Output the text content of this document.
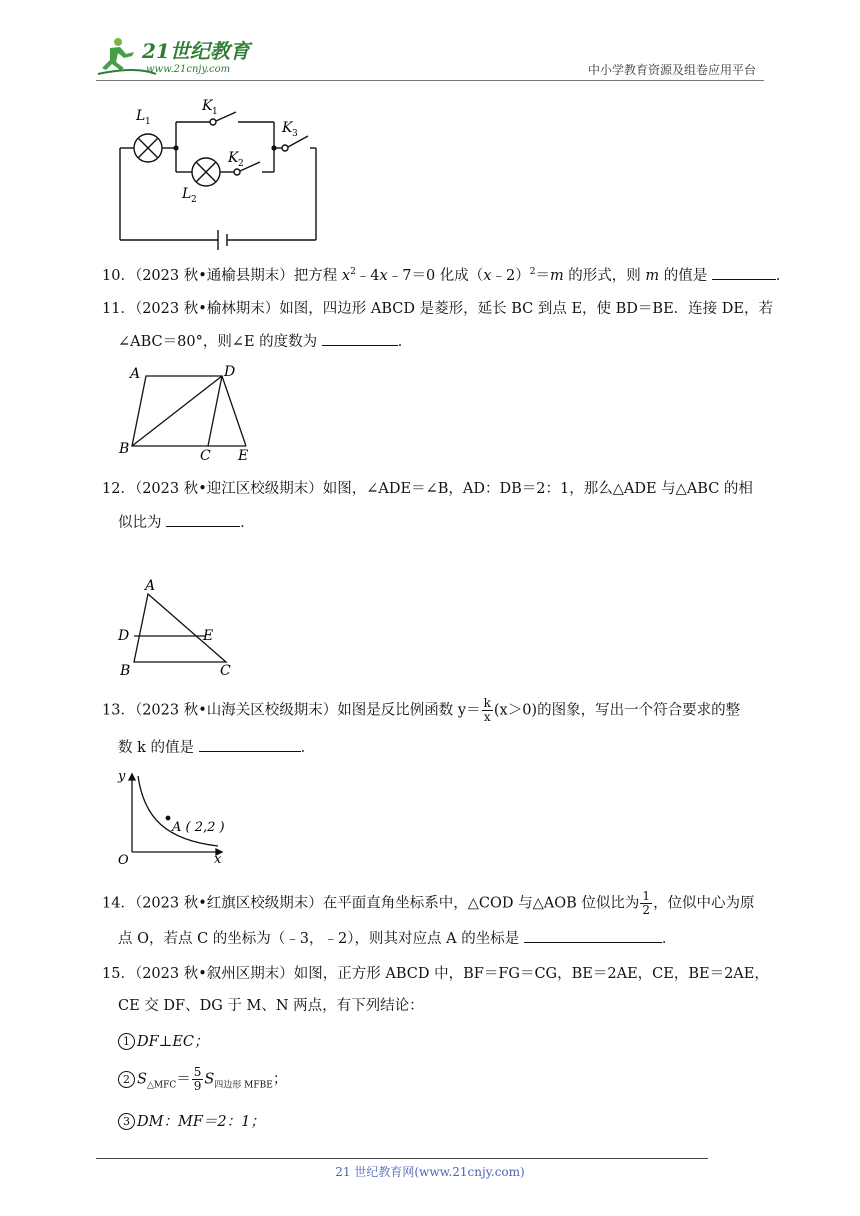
21世纪教育
www.21cnjy.com	中小学教育资源及组卷应用平台
L 1
L 2
K 1
K 2
K 3
10．（2023 秋•通榆县期末）把方程 $x^2﹣4x﹣7=0$ 化成（x﹣2）$^2$＝m 的形式，则 m 的值是	．
11．（2023 秋•榆林期末）如图，四边形 ABCD 是菱形，延长 BC 到点 E，使 BD＝BE．连接 DE，若
∠ABC＝80°，则∠E 的度数为	．
A	D
B	C E
12．（2023 秋•迎江区校级期末）如图，∠ADE＝∠B，AD：DB＝2：1，那么△ADE 与△ABC 的相
似比为	．
A
D	E
B	C
13．（2023 秋•山海关区校级期末）如图是反比例函数 $y= \frac{k}{x} (x>0)$的图象，写出一个符合要求的整
数 k 的值是	．
y
O	x
A ( 2,2 )
14．（2023 秋•红旗区校级期末）在平面直角坐标系中，△COD 与△AOB 位似比为 $\frac{1}{2}$ ，位似中心为原
点 O，若点 C 的坐标为（﹣3，﹣2），则其对应点 A 的坐标是	．
15．（2023 秋•叙州区期末）如图，正方形 ABCD 中，BF＝FG＝CG，BE＝2AE，CE，BE＝2AE，
CE 交 DF、DG 于 M、N 两点，有下列结论：
1 DF⊥EC；
2 $S_{\triangle MFC}= \frac{5}{9} S_{四边形 MFBE}$；
3 DM：MF＝2：1；
21 世纪教育网(www.21cnjy.com)
